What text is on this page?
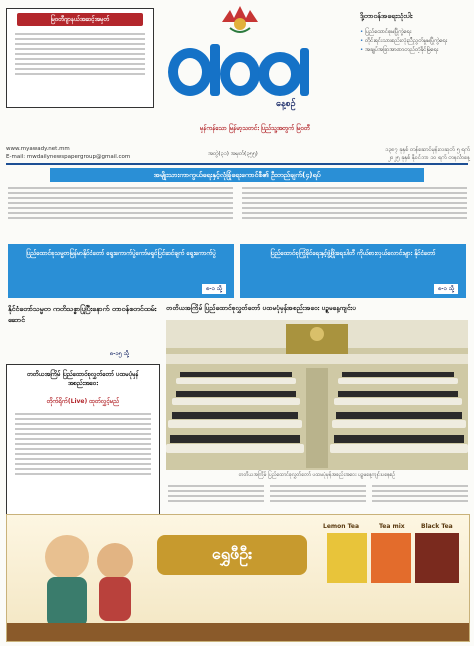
မြဝတီဂျာနယ်အဆင့်အမှတ်
နေ့စဉ်
မှန်ကန်သော မြန်မာ့သတင်း ပြည်သူ့အတွက် မြဝတီ
ဒို့တာဝန်အရေးသုံးပါး
• ပြည်ထောင်စုမပြိုကွဲရေး
• တိုင်းရင်းသားစည်းလုံးညီညွတ်မှုမပြိုကွဲရေး
• အချုပ်အခြာအာဏာတည်တံ့ခိုင်မြဲရေး
www.myawady.net.mm
E-mail: mwdailynewspapergroup@gmail.com	အတွဲ(၃၁) အမှတ်(၃၅၅)
၁၃၈၇ ခုနှစ် တန်ဆောင်မုန်းလဆုတ် ၅ ရက်
၂၀၂၅ ခုနှစ် နိုဝင်ဘာ ၁၀ ရက် တနင်္လာနေ့
အမျိုးသားကာကွယ်ရေးနှင့်လုံခြုံရေးကောင်စီ၏ ဦးတည်ချက်(၄)ရပ်
ပြည်ထောင်စုသမ္မတမြန်မာနိုင်ငံတော် ရွေးကောက်ပွဲကော်မရှင်ပြင်ဆင်ချက် ရွေးကောက်ပွဲ
၈-၁ သို့
ပြည်ထောင်စုကြံ့ခိုင်ရေးနှင့်ဖွံ့ဖြိုးရေးပါတီ ကိုယ်စားလှယ်လောင်းများ နိုင်ငံတော်
၈-၁ သို့
နိုင်ငံတော်သမ္မတ ကတိသစ္စာပြုပြီးနောက် တာဝန်စတင်ထမ်းဆောင်
၈-၁၅ သို့
တတိယအကြိမ် ပြည်ထောင်စုလွှတ်တော် ပထမပုံမှန်အစည်းအဝေး
တိုက်ရိုက်(Live) ထုတ်လွှင့်မည်
တတိယအကြိမ် ပြည်ထောင်စုလွှတ်တော် ပထမပုံမှန်အစည်းအဝေး ပဉ္စမနေ့ကျင်းပ
တတိယအကြိမ် ပြည်ထောင်စုလွှတ်တော် ပထမပုံမှန်အစည်းအဝေး ပဉ္စမနေ့ကျင်းပနေစဉ်
ရွှေဖီဦး
Lemon Tea	Tea mix	Black Tea
